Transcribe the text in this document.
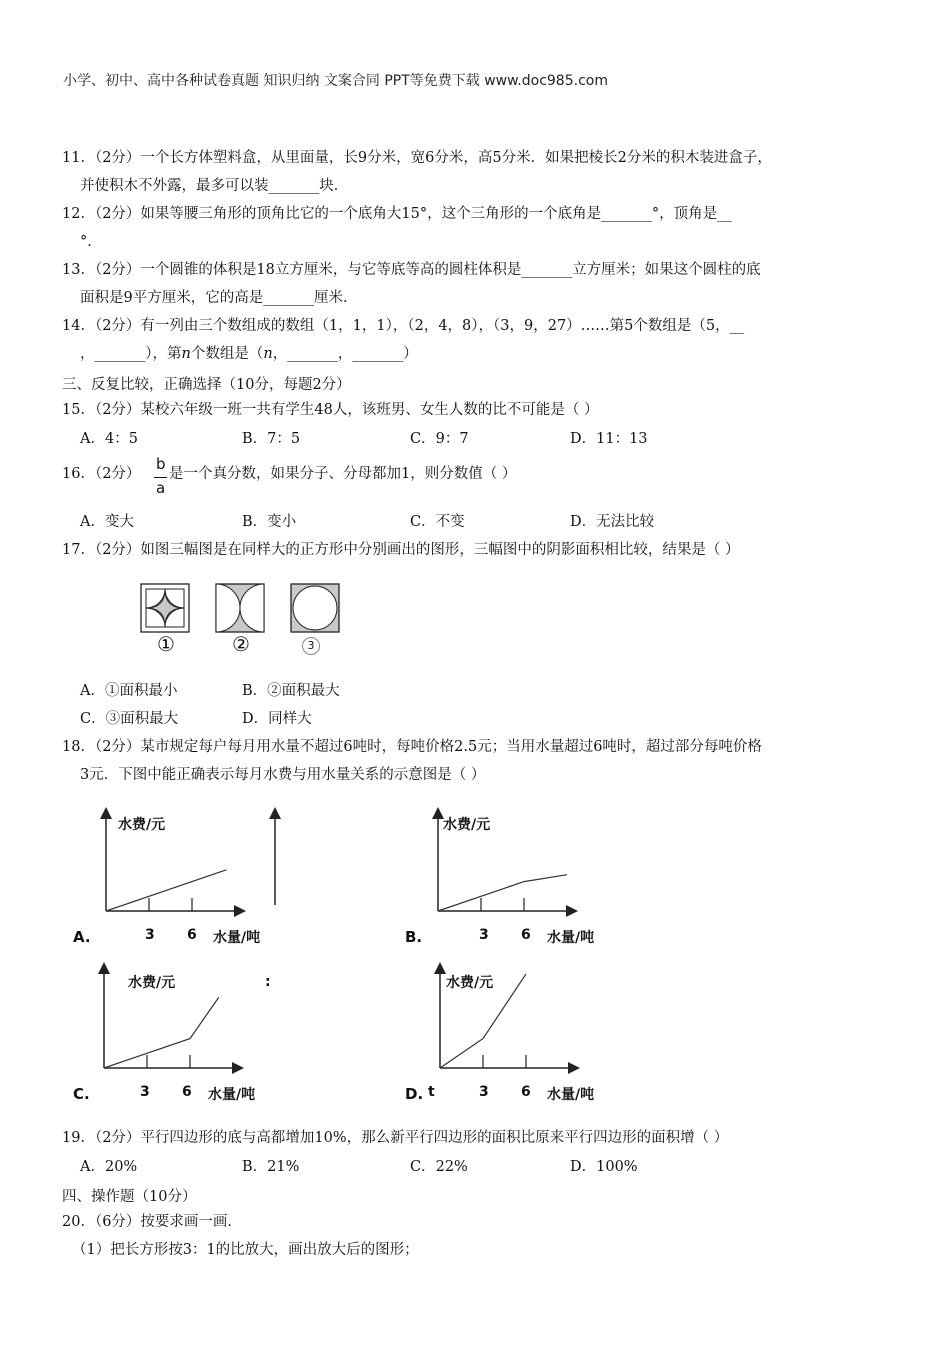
小学、初中、高中各种试卷真题 知识归纳 文案合同 PPT等免费下载 www.doc985.com
11．（2分）一个长方体塑料盒，从里面量，长9分米，宽6分米，高5分米．如果把棱长2分米的积木装进盒子，
并使积木不外露，最多可以装_______块．
12．（2分）如果等腰三角形的顶角比它的一个底角大15°，这个三角形的一个底角是_______°，顶角是__
°．
13．（2分）一个圆锥的体积是18立方厘米，与它等底等高的圆柱体积是_______立方厘米；如果这个圆柱的底
面积是9平方厘米，它的高是_______厘米．
14．（2分）有一列由三个数组成的数组（1，1，1），（2，4，8），（3，9，27）……第5个数组是（5，__
，_______），第n个数组是（n，_______，_______）
三、反复比较，正确选择（10分，每题2分）
15．（2分）某校六年级一班一共有学生48人，该班男、女生人数的比不可能是（ ）
A．4：5	B．7：5	C．9：7	D．11：13
16．（2分）
b
a
是一个真分数，如果分子、分母都加1，则分数值（ ）
A．变大	B．变小	C．不变	D．无法比较
17．（2分）如图三幅图是在同样大的正方形中分别画出的图形，三幅图中的阴影面积相比较，结果是（ ）
①	②	3
A．①面积最小	B．②面积最大
C．③面积最大	D．同样大
18．（2分）某市规定每户每月用水量不超过6吨时，每吨价格2.5元；当用水量超过6吨时，超过部分每吨价格
3元．下图中能正确表示每月水费与用水量关系的示意图是（ ）
水费/元
A.	3 6 水量/吨
水费/元
B.	3 6 水量/吨
水费/元	:
C.	3 6 水量/吨
水费/元
D. t	3 6 水量/吨
19．（2分）平行四边形的底与高都增加10%，那么新平行四边形的面积比原来平行四边形的面积增（ ）
A．20%	B．21%	C．22%	D．100%
四、操作题（10分）
20．（6分）按要求画一画．
（1）把长方形按3：1的比放大，画出放大后的图形；
